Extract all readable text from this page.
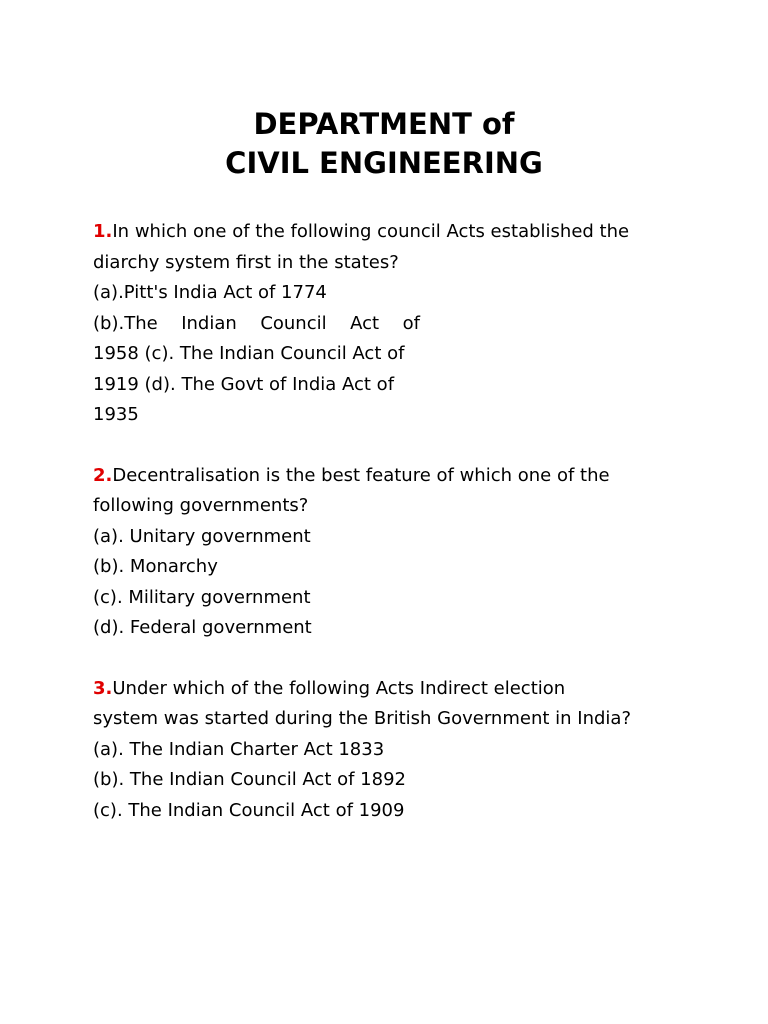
DEPARTMENT of
CIVIL ENGINEERING

1.In which one of the following council Acts established the

diarchy system first in the states?

(a).Pitt's India Act of 1774

(b).The Indian Council Act of

1958 (c). The Indian Council Act of

1919 (d). The Govt of India Act of

1935

2.Decentralisation is the best feature of which one of the

following governments?

(a). Unitary government

(b). Monarchy

(c). Military government

(d). Federal government

3.Under which of the following Acts Indirect election

system was started during the British Government in India?

(a). The Indian Charter Act 1833

(b). The Indian Council Act of 1892

(c). The Indian Council Act of 1909
